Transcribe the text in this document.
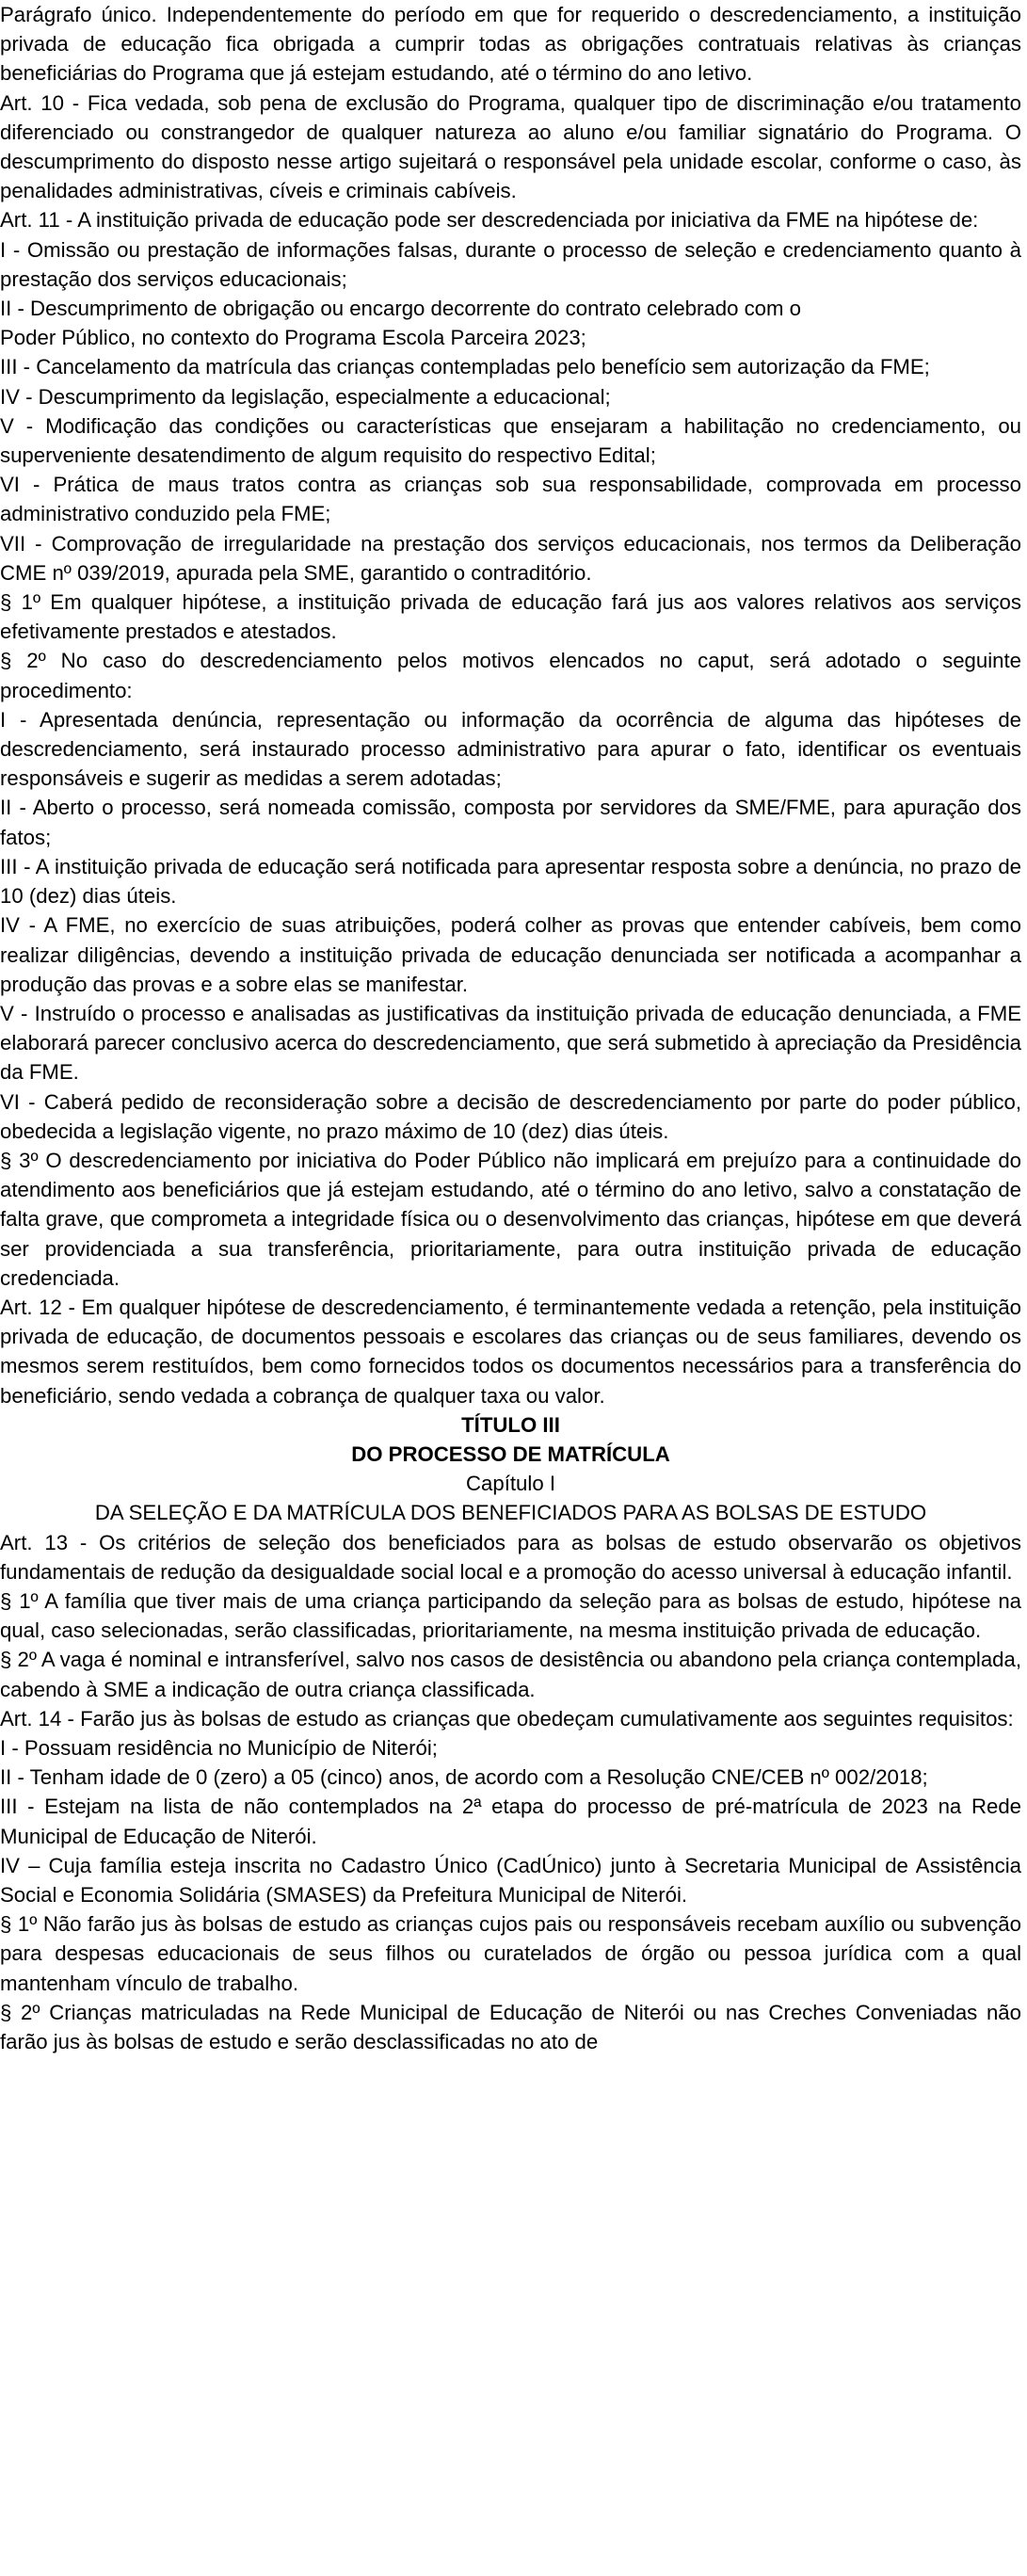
Parágrafo único. Independentemente do período em que for requerido o descredenciamento, a instituição privada de educação fica obrigada a cumprir todas as obrigações contratuais relativas às crianças beneficiárias do Programa que já estejam estudando, até o término do ano letivo.

Art. 10 - Fica vedada, sob pena de exclusão do Programa, qualquer tipo de discriminação e/ou tratamento diferenciado ou constrangedor de qualquer natureza ao aluno e/ou familiar signatário do Programa. O descumprimento do disposto nesse artigo sujeitará o responsável pela unidade escolar, conforme o caso, às penalidades administrativas, cíveis e criminais cabíveis.

Art. 11 - A instituição privada de educação pode ser descredenciada por iniciativa da FME na hipótese de:

I - Omissão ou prestação de informações falsas, durante o processo de seleção e credenciamento quanto à prestação dos serviços educacionais;

II - Descumprimento de obrigação ou encargo decorrente do contrato celebrado com o

Poder Público, no contexto do Programa Escola Parceira 2023;

III - Cancelamento da matrícula das crianças contempladas pelo benefício sem autorização da FME;

IV - Descumprimento da legislação, especialmente a educacional;

V - Modificação das condições ou características que ensejaram a habilitação no credenciamento, ou superveniente desatendimento de algum requisito do respectivo Edital;

VI - Prática de maus tratos contra as crianças sob sua responsabilidade, comprovada em processo administrativo conduzido pela FME;

VII - Comprovação de irregularidade na prestação dos serviços educacionais, nos termos da Deliberação CME nº 039/2019, apurada pela SME, garantido o contraditório.

§ 1º Em qualquer hipótese, a instituição privada de educação fará jus aos valores relativos aos serviços efetivamente prestados e atestados.

§ 2º No caso do descredenciamento pelos motivos elencados no caput, será adotado o seguinte procedimento:

I - Apresentada denúncia, representação ou informação da ocorrência de alguma das hipóteses de descredenciamento, será instaurado processo administrativo para apurar o fato, identificar os eventuais responsáveis e sugerir as medidas a serem adotadas;

II - Aberto o processo, será nomeada comissão, composta por servidores da SME/FME, para apuração dos fatos;

III - A instituição privada de educação será notificada para apresentar resposta sobre a denúncia, no prazo de 10 (dez) dias úteis.

IV - A FME, no exercício de suas atribuições, poderá colher as provas que entender cabíveis, bem como realizar diligências, devendo a instituição privada de educação denunciada ser notificada a acompanhar a produção das provas e a sobre elas se manifestar.

V - Instruído o processo e analisadas as justificativas da instituição privada de educação denunciada, a FME elaborará parecer conclusivo acerca do descredenciamento, que será submetido à apreciação da Presidência da FME.

VI - Caberá pedido de reconsideração sobre a decisão de descredenciamento por parte do poder público, obedecida a legislação vigente, no prazo máximo de 10 (dez) dias úteis.

§ 3º O descredenciamento por iniciativa do Poder Público não implicará em prejuízo para a continuidade do atendimento aos beneficiários que já estejam estudando, até o término do ano letivo, salvo a constatação de falta grave, que comprometa a integridade física ou o desenvolvimento das crianças, hipótese em que deverá ser providenciada a sua transferência, prioritariamente, para outra instituição privada de educação credenciada.

Art. 12 - Em qualquer hipótese de descredenciamento, é terminantemente vedada a retenção, pela instituição privada de educação, de documentos pessoais e escolares das crianças ou de seus familiares, devendo os mesmos serem restituídos, bem como fornecidos todos os documentos necessários para a transferência do beneficiário, sendo vedada a cobrança de qualquer taxa ou valor.

TÍTULO III

DO PROCESSO DE MATRÍCULA

Capítulo I

DA SELEÇÃO E DA MATRÍCULA DOS BENEFICIADOS PARA AS BOLSAS DE ESTUDO

Art. 13 - Os critérios de seleção dos beneficiados para as bolsas de estudo observarão os objetivos fundamentais de redução da desigualdade social local e a promoção do acesso universal à educação infantil.

§ 1º A família que tiver mais de uma criança participando da seleção para as bolsas de estudo, hipótese na qual, caso selecionadas, serão classificadas, prioritariamente, na mesma instituição privada de educação.

§ 2º A vaga é nominal e intransferível, salvo nos casos de desistência ou abandono pela criança contemplada, cabendo à SME a indicação de outra criança classificada.

Art. 14 - Farão jus às bolsas de estudo as crianças que obedeçam cumulativamente aos seguintes requisitos:

I - Possuam residência no Município de Niterói;

II - Tenham idade de 0 (zero) a 05 (cinco) anos, de acordo com a Resolução CNE/CEB nº 002/2018;

III - Estejam na lista de não contemplados na 2ª etapa do processo de pré-matrícula de 2023 na Rede Municipal de Educação de Niterói.

IV – Cuja família esteja inscrita no Cadastro Único (CadÚnico) junto à Secretaria Municipal de Assistência Social e Economia Solidária (SMASES) da Prefeitura Municipal de Niterói.

§ 1º Não farão jus às bolsas de estudo as crianças cujos pais ou responsáveis recebam auxílio ou subvenção para despesas educacionais de seus filhos ou curatelados de órgão ou pessoa jurídica com a qual mantenham vínculo de trabalho.

§ 2º Crianças matriculadas na Rede Municipal de Educação de Niterói ou nas Creches Conveniadas não farão jus às bolsas de estudo e serão desclassificadas no ato de
